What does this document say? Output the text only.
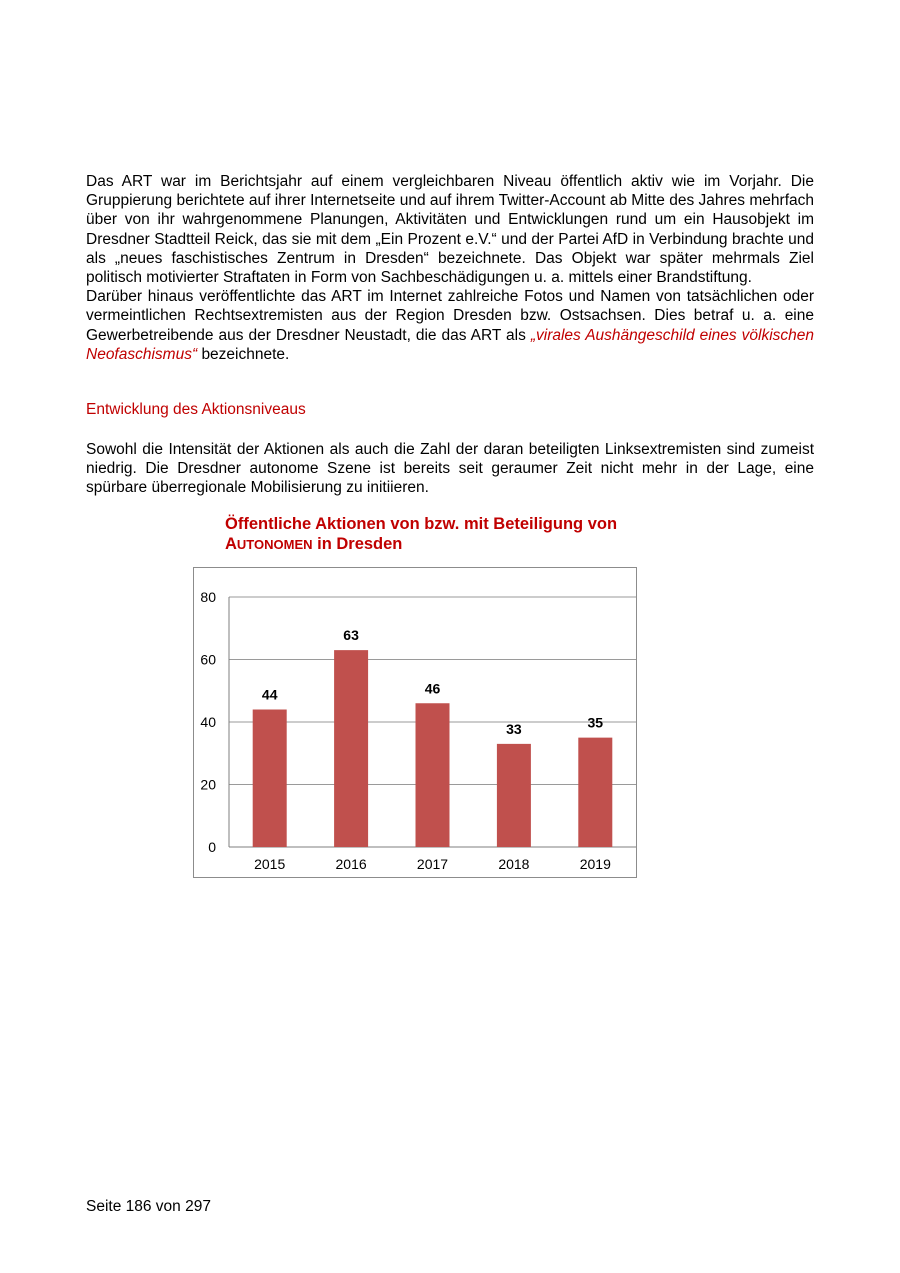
Das ART war im Berichtsjahr auf einem vergleichbaren Niveau öffentlich aktiv wie im Vorjahr. Die Gruppierung berichtete auf ihrer Internetseite und auf ihrem Twitter-Account ab Mitte des Jahres mehrfach über von ihr wahrgenommene Planungen, Aktivitäten und Entwicklungen rund um ein Hausobjekt im Dresdner Stadtteil Reick, das sie mit dem „Ein Prozent e.V.“ und der Partei AfD in Verbindung brachte und als „neues faschistisches Zentrum in Dresden“ bezeichnete. Das Objekt war später mehrmals Ziel politisch motivierter Straftaten in Form von Sachbeschädigungen u. a. mittels einer Brandstiftung.
Darüber hinaus veröffentlichte das ART im Internet zahlreiche Fotos und Namen von tatsächlichen oder vermeintlichen Rechtsextremisten aus der Region Dresden bzw. Ostsachsen. Dies betraf u. a. eine Gewerbetreibende aus der Dresdner Neustadt, die das ART als „virales Aushängeschild eines völkischen Neofaschismus“ bezeichnete.

Entwicklung des Aktionsniveaus

Sowohl die Intensität der Aktionen als auch die Zahl der daran beteiligten Linksextremisten sind zumeist niedrig. Die Dresdner autonome Szene ist bereits seit geraumer Zeit nicht mehr in der Lage, eine spürbare überregionale Mobilisierung zu initiieren.

Öffentliche Aktionen von bzw. mit Beteiligung von
AUTONOMEN in Dresden
0
20
40
60
80
44
2015
63
2016
46
2017
33
2018
35
2019
Seite 186 von 297
